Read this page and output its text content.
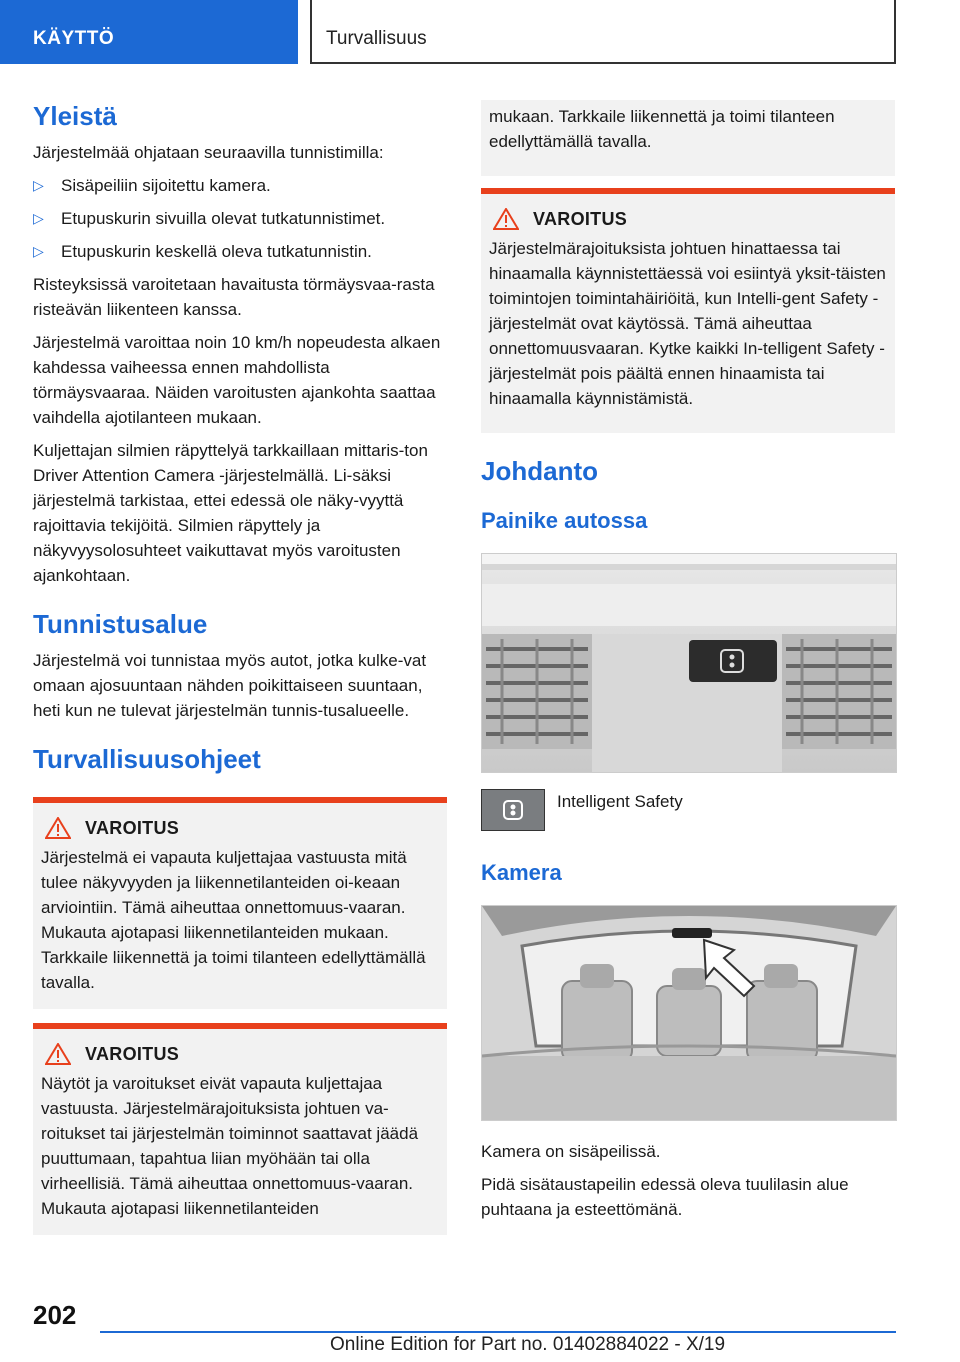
KÄYTTÖ	Turvallisuus
Yleistä

Järjestelmää ohjataan seuraavilla tunnistimilla:

▷ Sisäpeiliin sijoitettu kamera.
▷ Etupuskurin sivuilla olevat tutkatunnistimet.
▷ Etupuskurin keskellä oleva tutkatunnistin.

Risteyksissä varoitetaan havaitusta törmäysvaa-rasta risteävän liikenteen kanssa.

Järjestelmä varoittaa noin 10 km/h nopeudesta alkaen kahdessa vaiheessa ennen mahdollista törmäysvaaraa. Näiden varoitusten ajankohta saattaa vaihdella ajotilanteen mukaan.

Kuljettajan silmien räpyttelyä tarkkaillaan mittaris-ton Driver Attention Camera -järjestelmällä. Li-säksi järjestelmä tarkistaa, ettei edessä ole näky-vyyttä rajoittavia tekijöitä. Silmien räpyttely ja näkyvyysolosuhteet vaikuttavat myös varoitusten ajankohtaan.

Tunnistusalue

Järjestelmä voi tunnistaa myös autot, jotka kulke-vat omaan ajosuuntaan nähden poikittaiseen suuntaan, heti kun ne tulevat järjestelmän tunnis-tusalueelle.

Turvallisuusohjeet
VAROITUS

Järjestelmä ei vapauta kuljettajaa vastuusta mitä tulee näkyvyyden ja liikennetilanteiden oi-keaan arviointiin. Tämä aiheuttaa onnettomuus-vaaran. Mukauta ajotapasi liikennetilanteiden mukaan. Tarkkaile liikennettä ja toimi tilanteen edellyttämällä tavalla.

VAROITUS

Näytöt ja varoitukset eivät vapauta kuljettajaa vastuusta. Järjestelmärajoituksista johtuen va-roitukset tai järjestelmän toiminnot saattavat jäädä puuttumaan, tapahtua liian myöhään tai olla virheellisiä. Tämä aiheuttaa onnettomuus-vaaran. Mukauta ajotapasi liikennetilanteiden

mukaan. Tarkkaile liikennettä ja toimi tilanteen edellyttämällä tavalla.

VAROITUS

Järjestelmärajoituksista johtuen hinattaessa tai hinaamalla käynnistettäessä voi esiintyä yksit-täisten toimintojen toimintahäiriöitä, kun Intelli-gent Safety -järjestelmät ovat käytössä. Tämä aiheuttaa onnettomuusvaaran. Kytke kaikki In-telligent Safety -järjestelmät pois päältä ennen hinaamista tai hinaamalla käynnistämistä.

Johdanto
Painike autossa

Intelligent Safety

Kamera

Kamera on sisäpeilissä.

Pidä sisätaustapeilin edessä oleva tuulilasin alue puhtaana ja esteettömänä.

202
Online Edition for Part no. 01402884022 - X/19
